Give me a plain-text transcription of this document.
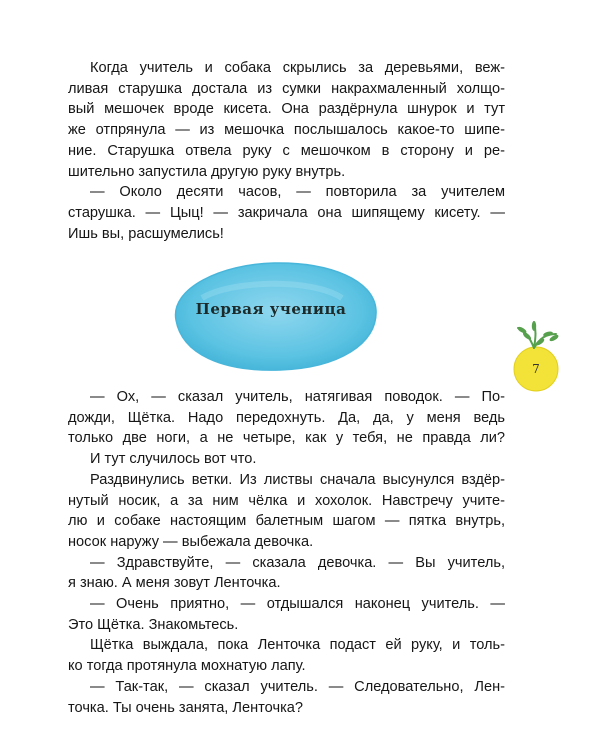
Когда учитель и собака скрылись за деревьями, веж-
ливая старушка достала из сумки накрахмаленный холщо-
вый мешочек вроде кисета. Она раздёрнула шнурок и тут
же отпрянула — из мешочка послышалось какое-то шипе-
ние. Старушка отвела руку с мешочком в сторону и ре-
шительно запустила другую руку внутрь.
— Около десяти часов, — повторила за учителем
старушка. — Цыц! — закричала она шипящему кисету. —
Ишь вы, расшумелись!
Первая ученица
7
— Ох, — сказал учитель, натягивая поводок. — По-
дожди, Щётка. Надо передохнуть. Да, да, у меня ведь
только две ноги, а не четыре, как у тебя, не правда ли?
И тут случилось вот что.
Раздвинулись ветки. Из листвы сначала высунулся вздёр-
нутый носик, а за ним чёлка и хохолок. Навстречу учите-
лю и собаке настоящим балетным шагом — пятка внутрь,
носок наружу — выбежала девочка.
— Здравствуйте, — сказала девочка. — Вы учитель,
я знаю. А меня зовут Ленточка.
— Очень приятно, — отдышался наконец учитель. —
Это Щётка. Знакомьтесь.
Щётка выждала, пока Ленточка подаст ей руку, и толь-
ко тогда протянула мохнатую лапу.
— Так-так, — сказал учитель. — Следовательно, Лен-
точка. Ты очень занята, Ленточка?
